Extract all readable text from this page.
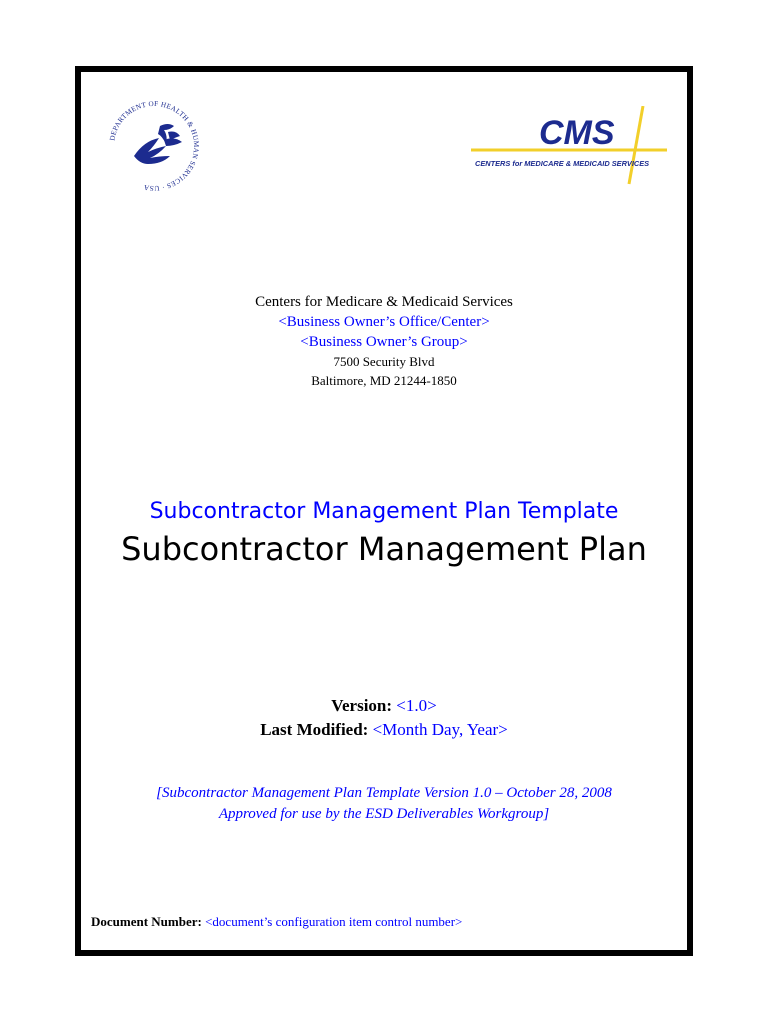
DEPARTMENT OF HEALTH & HUMAN SERVICES · USA
CMS
CENTERS for MEDICARE & MEDICAID SERVICES
Centers for Medicare & Medicaid Services
<Business Owner’s Office/Center>
<Business Owner’s Group>
7500 Security Blvd
Baltimore, MD 21244-1850
Subcontractor Management Plan Template
Subcontractor Management Plan
Version: <1.0>
Last Modified: <Month Day, Year>
[Subcontractor Management Plan Template Version 1.0 – October 28, 2008
Approved for use by the ESD Deliverables Workgroup]
Document Number: <document’s configuration item control number>
